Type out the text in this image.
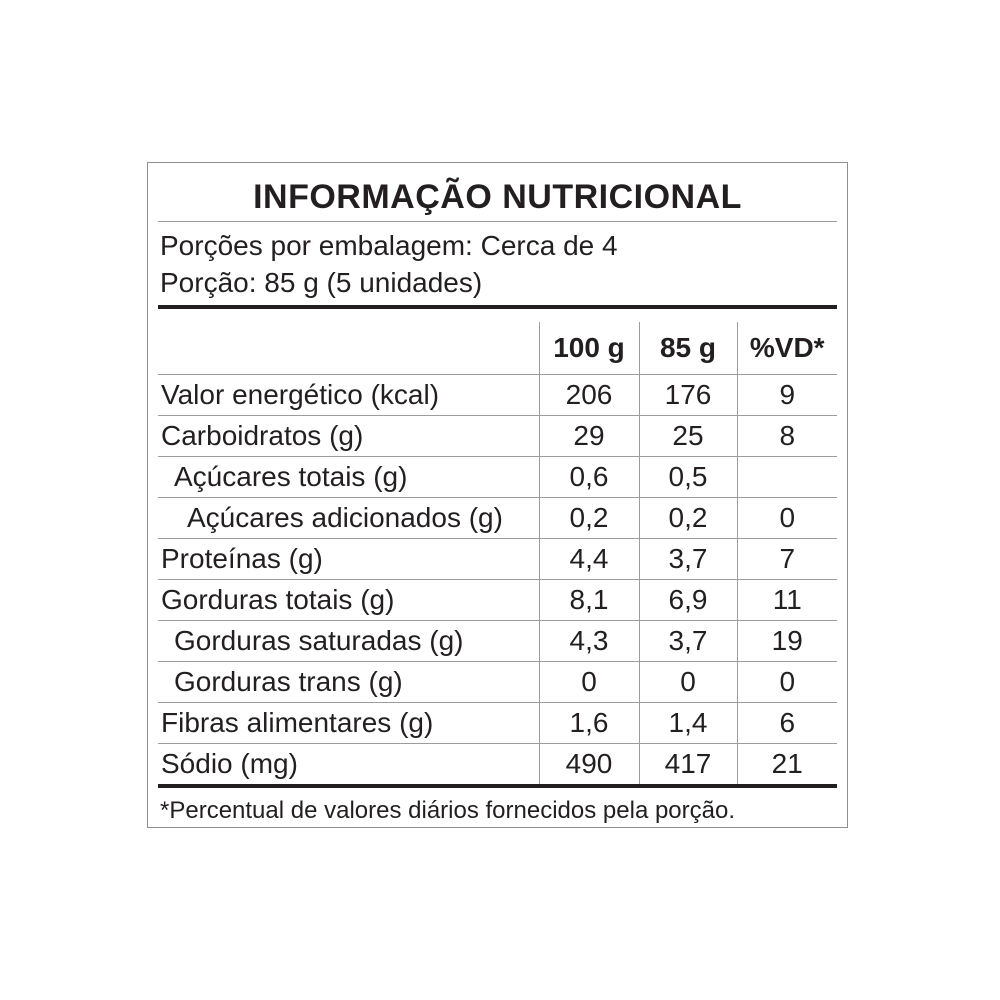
INFORMAÇÃO NUTRICIONAL
Porções por embalagem: Cerca de 4
Porção: 85 g (5 unidades)
	100 g	85 g	%VD*
Valor energético (kcal)	206	176	9
Carboidratos (g)	29	25	8
Açúcares totais (g)	0,6	0,5	
Açúcares adicionados (g)	0,2	0,2	0
Proteínas (g)	4,4	3,7	7
Gorduras totais (g)	8,1	6,9	11
Gorduras saturadas (g)	4,3	3,7	19
Gorduras trans (g)	0	0	0
Fibras alimentares (g)	1,6	1,4	6
Sódio (mg)	490	417	21
*Percentual de valores diários fornecidos pela porção.
